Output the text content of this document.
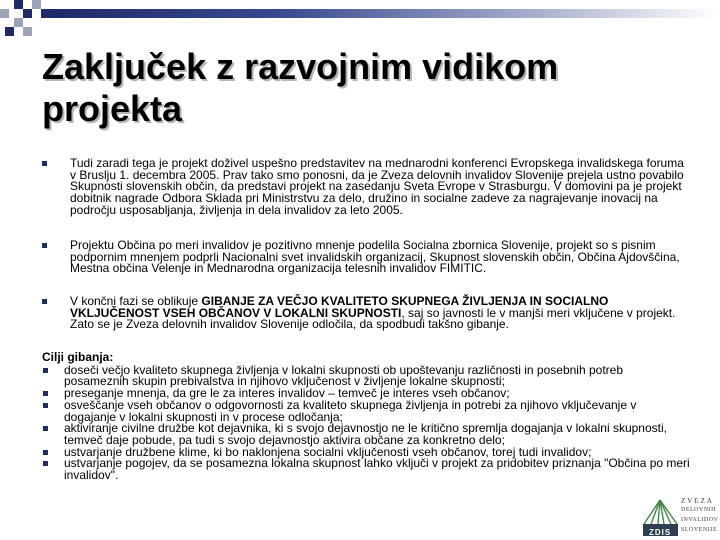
Zaključek z razvojnim vidikom projekta
Tudi zaradi tega je projekt doživel uspešno predstavitev na mednarodni konferenci Evropskega invalidskega foruma v Bruslju 1. decembra 2005. Prav tako smo ponosni, da je Zveza delovnih invalidov Slovenije prejela ustno povabilo Skupnosti slovenskih občin, da predstavi projekt na zasedanju Sveta Evrope v Strasburgu. V domovini pa je projekt dobitnik nagrade Odbora Sklada pri Ministrstvu za delo, družino in socialne zadeve za nagrajevanje inovacij na področju usposabljanja, življenja in dela invalidov za leto 2005.
Projektu Občina po meri invalidov je pozitivno mnenje podelila Socialna zbornica Slovenije, projekt so s pisnim podpornim mnenjem podprli Nacionalni svet invalidskih organizacij, Skupnost slovenskih občin, Občina Ajdovščina, Mestna občina Velenje in Mednarodna organizacija telesnih invalidov FIMITIC.
V končni fazi se oblikuje GIBANJE ZA VEČJO KVALITETO SKUPNEGA ŽIVLJENJA IN SOCIALNO VKLJUČENOST VSEH OBČANOV V LOKALNI SKUPNOSTI, saj so javnosti le v manjši meri vključene v projekt. Zato se je Zveza delovnih invalidov Slovenije odločila, da spodbudi takšno gibanje.
Cilji gibanja:
doseči večjo kvaliteto skupnega življenja v lokalni skupnosti ob upoštevanju različnosti in posebnih potreb posameznih skupin prebivalstva in njihovo vključenost v življenje lokalne skupnosti;
preseganje mnenja, da gre le za interes invalidov – temveč je interes vseh občanov;
osveščanje vseh občanov o odgovornosti za kvaliteto skupnega življenja in potrebi za njihovo vključevanje v dogajanje v lokalni skupnosti in v procese odločanja;
aktiviranje civilne družbe kot dejavnika, ki s svojo dejavnostjo ne le kritično spremlja dogajanja v lokalni skupnosti, temveč daje pobude, pa tudi s svojo dejavnostjo aktivira občane za konkretno delo;
ustvarjanje družbene klime, ki bo naklonjena socialni vključenosti vseh občanov, torej tudi invalidov;
ustvarjanje pogojev, da se posamezna lokalna skupnost lahko vključi v projekt za pridobitev priznanja "Občina po meri invalidov".
ZDIS
ZVEZA
DELOVNIH
INVALIDOV
SLOVENIJE
